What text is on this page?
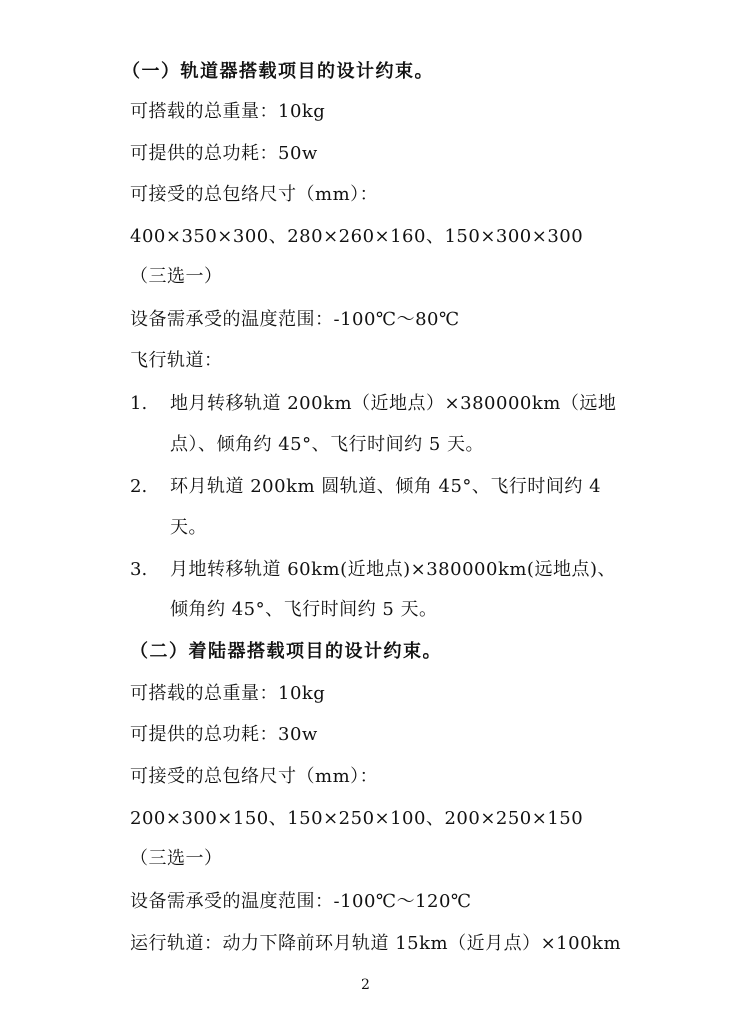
（一）轨道器搭载项目的设计约束。
可搭载的总重量：10kg
可提供的总功耗：50w
可接受的总包络尺寸（mm）：
400×350×300、280×260×160、150×300×300
（三选一）
设备需承受的温度范围：-100℃～80℃
飞行轨道：
1. 地月转移轨道 200km（近地点）×380000km（远地
点）、倾角约 45°、飞行时间约 5 天。
2. 环月轨道 200km 圆轨道、倾角 45°、飞行时间约 4
天。
3. 月地转移轨道 60km(近地点)×380000km(远地点)、
倾角约 45°、飞行时间约 5 天。
（二）着陆器搭载项目的设计约束。
可搭载的总重量：10kg
可提供的总功耗：30w
可接受的总包络尺寸（mm）：
200×300×150、150×250×100、200×250×150
（三选一）
设备需承受的温度范围：-100℃～120℃
运行轨道：动力下降前环月轨道 15km（近月点）×100km
2
